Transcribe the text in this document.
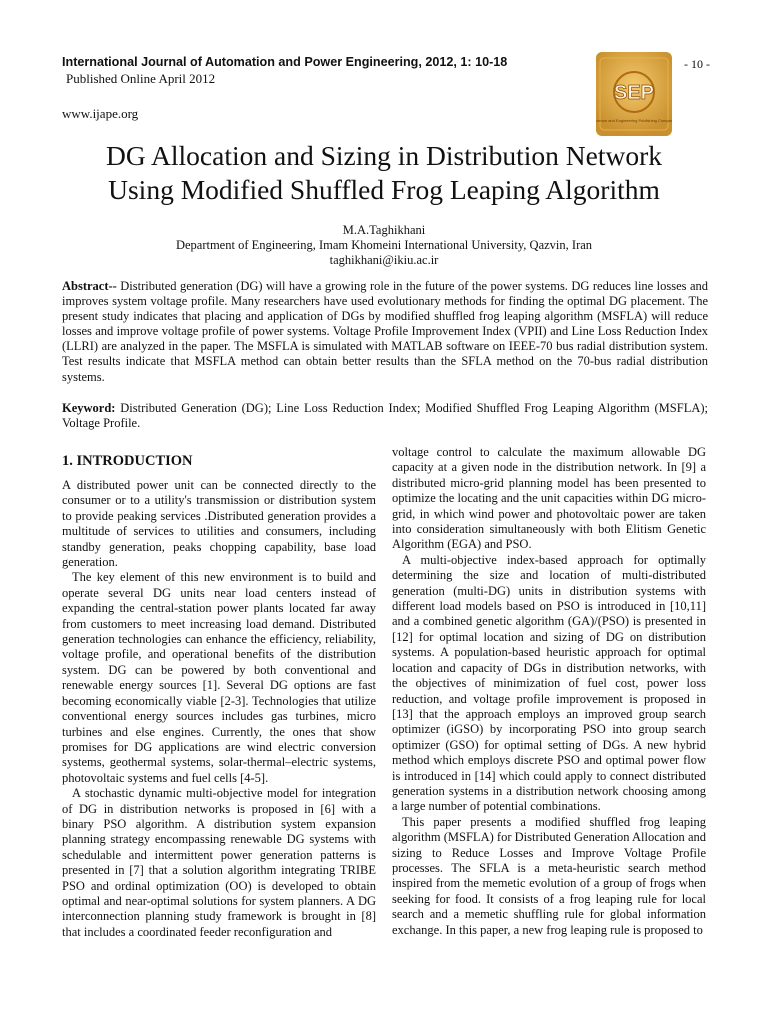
International Journal of Automation and Power Engineering, 2012, 1: 10-18
Published Online April 2012
- 10 -
www.ijape.org
SEP
Science and Engineering Publishing Company
DG Allocation and Sizing in Distribution Network
Using Modified Shuffled Frog Leaping Algorithm
M.A.Taghikhani
Department of Engineering, Imam Khomeini International University, Qazvin, Iran
taghikhani@ikiu.ac.ir
Abstract-- Distributed generation (DG) will have a growing role in the future of the power systems. DG reduces line losses and improves system voltage profile. Many researchers have used evolutionary methods for finding the optimal DG placement. The present study indicates that placing and application of DGs by modified shuffled frog leaping algorithm (MSFLA) will reduce losses and improve voltage profile of power systems. Voltage Profile Improvement Index (VPII) and Line Loss Reduction Index (LLRI) are analyzed in the paper. The MSFLA is simulated with MATLAB software on IEEE-70 bus radial distribution system. Test results indicate that MSFLA method can obtain better results than the SFLA method on the 70-bus radial distribution systems.
Keyword: Distributed Generation (DG); Line Loss Reduction Index; Modified Shuffled Frog Leaping Algorithm (MSFLA); Voltage Profile.
1. INTRODUCTION

A distributed power unit can be connected directly to the consumer or to a utility's transmission or distribution system to provide peaking services .Distributed generation provides a multitude of services to utilities and consumers, including standby generation, peaks chopping capability, base load generation.

The key element of this new environment is to build and operate several DG units near load centers instead of expanding the central-station power plants located far away from customers to meet increasing load demand. Distributed generation technologies can enhance the efficiency, reliability, voltage profile, and operational benefits of the distribution system. DG can be powered by both conventional and renewable energy sources [1]. Several DG options are fast becoming economically viable [2-3]. Technologies that utilize conventional energy sources includes gas turbines, micro turbines and else engines. Currently, the ones that show promises for DG applications are wind electric conversion systems, geothermal systems, solar-thermal–electric systems, photovoltaic systems and fuel cells [4-5].

A stochastic dynamic multi-objective model for integration of DG in distribution networks is proposed in [6] with a binary PSO algorithm. A distribution system expansion planning strategy encompassing renewable DG systems with schedulable and intermittent power generation patterns is presented in [7] that a solution algorithm integrating TRIBE PSO and ordinal optimization (OO) is developed to obtain optimal and near-optimal solutions for system planners. A DG interconnection planning study framework is brought in [8] that includes a coordinated feeder reconfiguration and

voltage control to calculate the maximum allowable DG capacity at a given node in the distribution network. In [9] a distributed micro-grid planning model has been presented to optimize the locating and the unit capacities within DG micro-grid, in which wind power and photovoltaic power are taken into consideration simultaneously with both Elitism Genetic Algorithm (EGA) and PSO.

A multi-objective index-based approach for optimally determining the size and location of multi-distributed generation (multi-DG) units in distribution systems with different load models based on PSO is introduced in [10,11] and a combined genetic algorithm (GA)/(PSO) is presented in [12] for optimal location and sizing of DG on distribution systems. A population-based heuristic approach for optimal location and capacity of DGs in distribution networks, with the objectives of minimization of fuel cost, power loss reduction, and voltage profile improvement is proposed in [13] that the approach employs an improved group search optimizer (iGSO) by incorporating PSO into group search optimizer (GSO) for optimal setting of DGs. A new hybrid method which employs discrete PSO and optimal power flow is introduced in [14] which could apply to connect distributed generation systems in a distribution network choosing among a large number of potential combinations.

This paper presents a modified shuffled frog leaping algorithm (MSFLA) for Distributed Generation Allocation and sizing to Reduce Losses and Improve Voltage Profile processes. The SFLA is a meta-heuristic search method inspired from the memetic evolution of a group of frogs when seeking for food. It consists of a frog leaping rule for local search and a memetic shuffling rule for global information exchange. In this paper, a new frog leaping rule is proposed to
